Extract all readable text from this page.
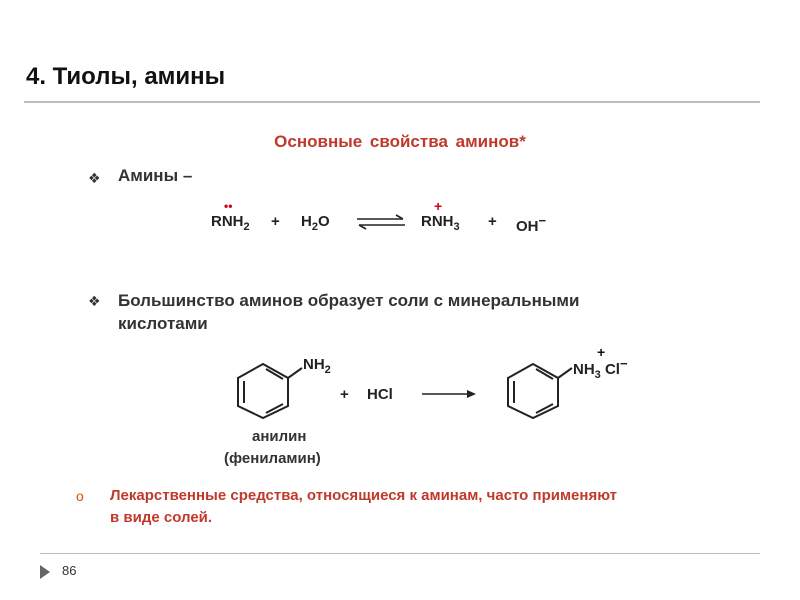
4. Тиолы, амины
Основные свойства аминов*
❖ Амины –
$RNH_2$
••
+ $H_2O$ ⇌ $RNH_3$
+
+ OH−
❖ Большинство аминов образует соли с минеральными
кислотами
$NH_2$
+ HCl
$NH_3$ Cl−
+
анилин
(фениламин)
o Лекарственные средства, относящиеся к аминам, часто применяют
в виде солей.
86
